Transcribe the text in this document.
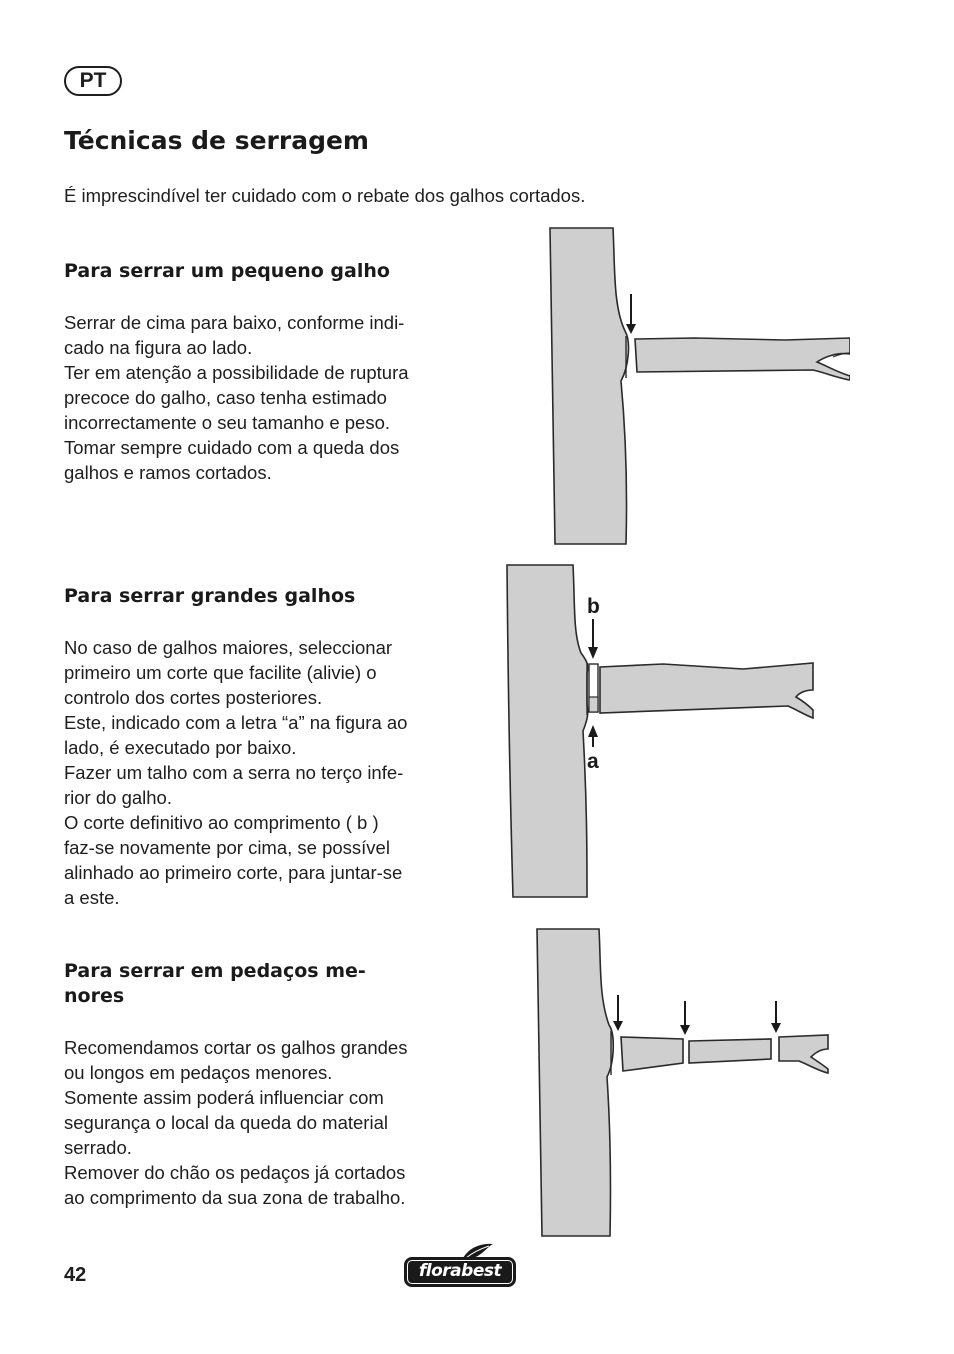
PT
Técnicas de serragem

É imprescindível ter cuidado com o rebate dos galhos cortados.

Para serrar um pequeno galho

Serrar de cima para baixo, conforme indi-
cado na figura ao lado.
Ter em atenção a possibilidade de ruptura
precoce do galho, caso tenha estimado
incorrectamente o seu tamanho e peso.
Tomar sempre cuidado com a queda dos
galhos e ramos cortados.

Para serrar grandes galhos

No caso de galhos maiores, seleccionar
primeiro um corte que facilite (alivie) o
controlo dos cortes posteriores.
Este, indicado com a letra “a” na figura ao
lado, é executado por baixo.
Fazer um talho com a serra no terço infe-
rior do galho.
O corte definitivo ao comprimento ( b )
faz-se novamente por cima, se possível
alinhado ao primeiro corte, para juntar-se
a este.

b
a
Para serrar em pedaços me-
nores

Recomendamos cortar os galhos grandes
ou longos em pedaços menores.
Somente assim poderá influenciar com
segurança o local da queda do material
serrado.
Remover do chão os pedaços já cortados
ao comprimento da sua zona de trabalho.

42	florabest
